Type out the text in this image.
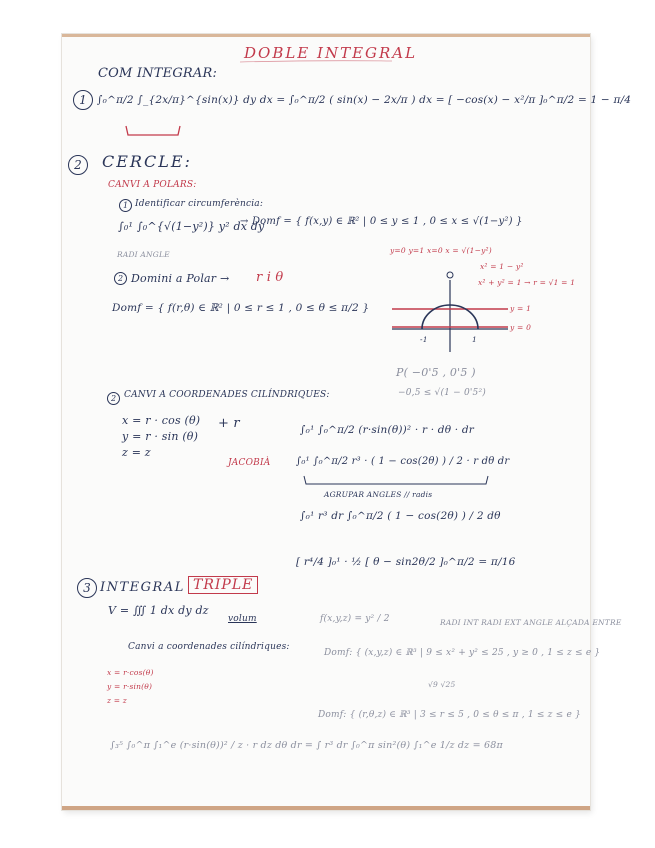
DOBLE INTEGRAL
COM INTEGRAR:
1 ∫₀^π/2 ∫_{2x/π}^{sin(x)} dy dx = ∫₀^π/2 ( sin(x) − 2x/π ) dx = [ −cos(x) − x²/π ]₀^π/2 = 1 − π/4
2	CERCLE:
CANVI A POLARS:
1 Identificar circumferència:
∫₀¹ ∫₀^{√(1−y²)} y² dx dy
→ Domf = { f(x,y) ∈ ℝ² | 0 ≤ y ≤ 1 , 0 ≤ x ≤ √(1−y²) }
RADI ANGLE	y=0 y=1 x=0 x = √(1−y²)
x² = 1 − y²
x² + y² = 1 → r = √1 = 1
2 Domini a Polar → r i θ
Domf = { f(r,θ) ∈ ℝ² | 0 ≤ r ≤ 1 , 0 ≤ θ ≤ π/2 }
-1	1
y = 1
y = 0
P( −0'5 , 0'5 )
−0,5 ≤ √(1 − 0'5²)
2 CANVI A COORDENADES CILÍNDRIQUES:
x = r · cos (θ)
y = r · sin (θ)
z = z
+ r
JACOBIÀ
∫₀¹ ∫₀^π/2 (r·sin(θ))² · r · dθ · dr
∫₀¹ ∫₀^π/2 r³ · ( 1 − cos(2θ) ) / 2 · r dθ dr
AGRUPAR ANGLES // radis
∫₀¹ r³ dr ∫₀^π/2 ( 1 − cos(2θ) ) / 2 dθ
[ r⁴/4 ]₀¹ · ½ [ θ − sin2θ/2 ]₀^π/2 = π/16
3 INTEGRAL TRIPLE
V = ∭ 1 dx dy dz
volum	f(x,y,z) = y² / 2	RADI INT RADI EXT ANGLE ALÇADA ENTRE
Canvi a coordenades cilíndriques:
x = r·cos(θ)
y = r·sin(θ)
z = z
Domf: { (x,y,z) ∈ ℝ³ | 9 ≤ x² + y² ≤ 25 , y ≥ 0 , 1 ≤ z ≤ e }
√9 √25
Domf: { (r,θ,z) ∈ ℝ³ | 3 ≤ r ≤ 5 , 0 ≤ θ ≤ π , 1 ≤ z ≤ e }
∫₃⁵ ∫₀^π ∫₁^e (r·sin(θ))² / z · r dz dθ dr = ∫ r³ dr ∫₀^π sin²(θ) ∫₁^e 1/z dz = 68π
